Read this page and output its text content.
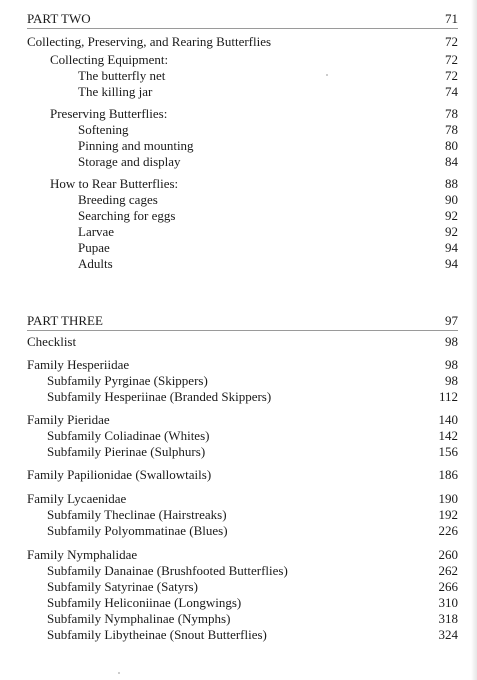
PART TWO	71
Collecting, Preserving, and Rearing Butterflies	72
Collecting Equipment:	72
The butterfly net	72
The killing jar	74
Preserving Butterflies:	78
Softening	78
Pinning and mounting	80
Storage and display	84
How to Rear Butterflies:	88
Breeding cages	90
Searching for eggs	92
Larvae	92
Pupae	94
Adults	94
PART THREE	97
Checklist	98
Family Hesperiidae	98
Subfamily Pyrginae (Skippers)	98
Subfamily Hesperiinae (Branded Skippers)	112
Family Pieridae	140
Subfamily Coliadinae (Whites)	142
Subfamily Pierinae (Sulphurs)	156
Family Papilionidae (Swallowtails)	186
Family Lycaenidae	190
Subfamily Theclinae (Hairstreaks)	192
Subfamily Polyommatinae (Blues)	226
Family Nymphalidae	260
Subfamily Danainae (Brushfooted Butterflies)	262
Subfamily Satyrinae (Satyrs)	266
Subfamily Heliconiinae (Longwings)	310
Subfamily Nymphalinae (Nymphs)	318
Subfamily Libytheinae (Snout Butterflies)	324
